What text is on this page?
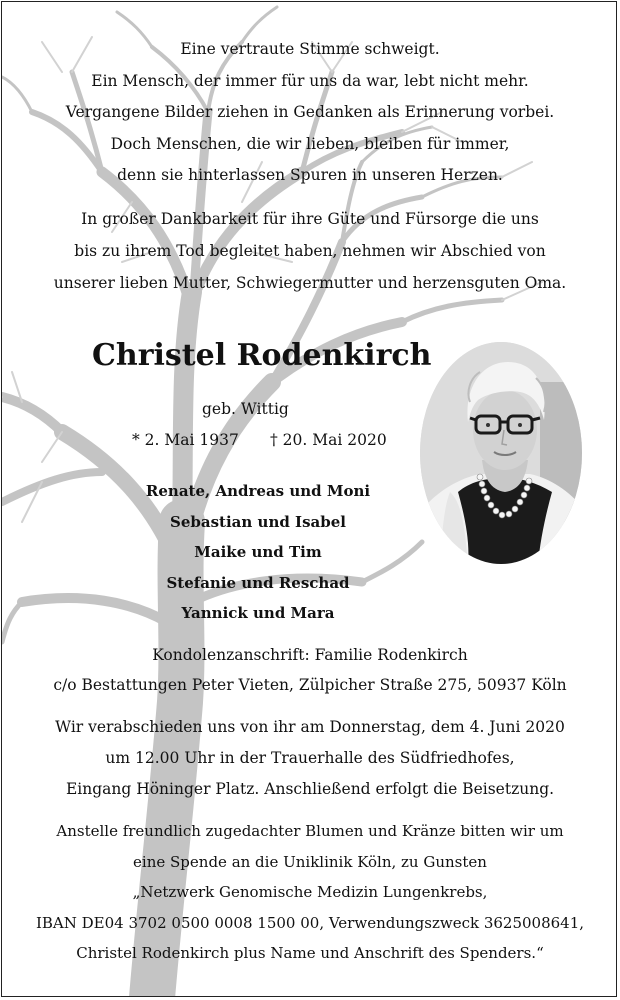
Eine vertraute Stimme schweigt.
Ein Mensch, der immer für uns da war, lebt nicht mehr.
Vergangene Bilder ziehen in Gedanken als Erinnerung vorbei.
Doch Menschen, die wir lieben, bleiben für immer,
denn sie hinterlassen Spuren in unseren Herzen.
In großer Dankbarkeit für ihre Güte und Fürsorge die uns
bis zu ihrem Tod begleitet haben, nehmen wir Abschied von
unserer lieben Mutter, Schwiegermutter und herzensguten Oma.
Christel Rodenkirch
geb. Wittig
* 2. Mai 1937 † 20. Mai 2020
Renate, Andreas und Moni
Sebastian und Isabel
Maike und Tim
Stefanie und Reschad
Yannick und Mara
Kondolenzanschrift: Familie Rodenkirch
c/o Bestattungen Peter Vieten, Zülpicher Straße 275, 50937 Köln
Wir verabschieden uns von ihr am Donnerstag, dem 4. Juni 2020
um 12.00 Uhr in der Trauerhalle des Südfriedhofes,
Eingang Höninger Platz. Anschließend erfolgt die Beisetzung.
Anstelle freundlich zugedachter Blumen und Kränze bitten wir um
eine Spende an die Uniklinik Köln, zu Gunsten
„Netzwerk Genomische Medizin Lungenkrebs,
IBAN DE04 3702 0500 0008 1500 00, Verwendungszweck 3625008641,
Christel Rodenkirch plus Name und Anschrift des Spenders.“
